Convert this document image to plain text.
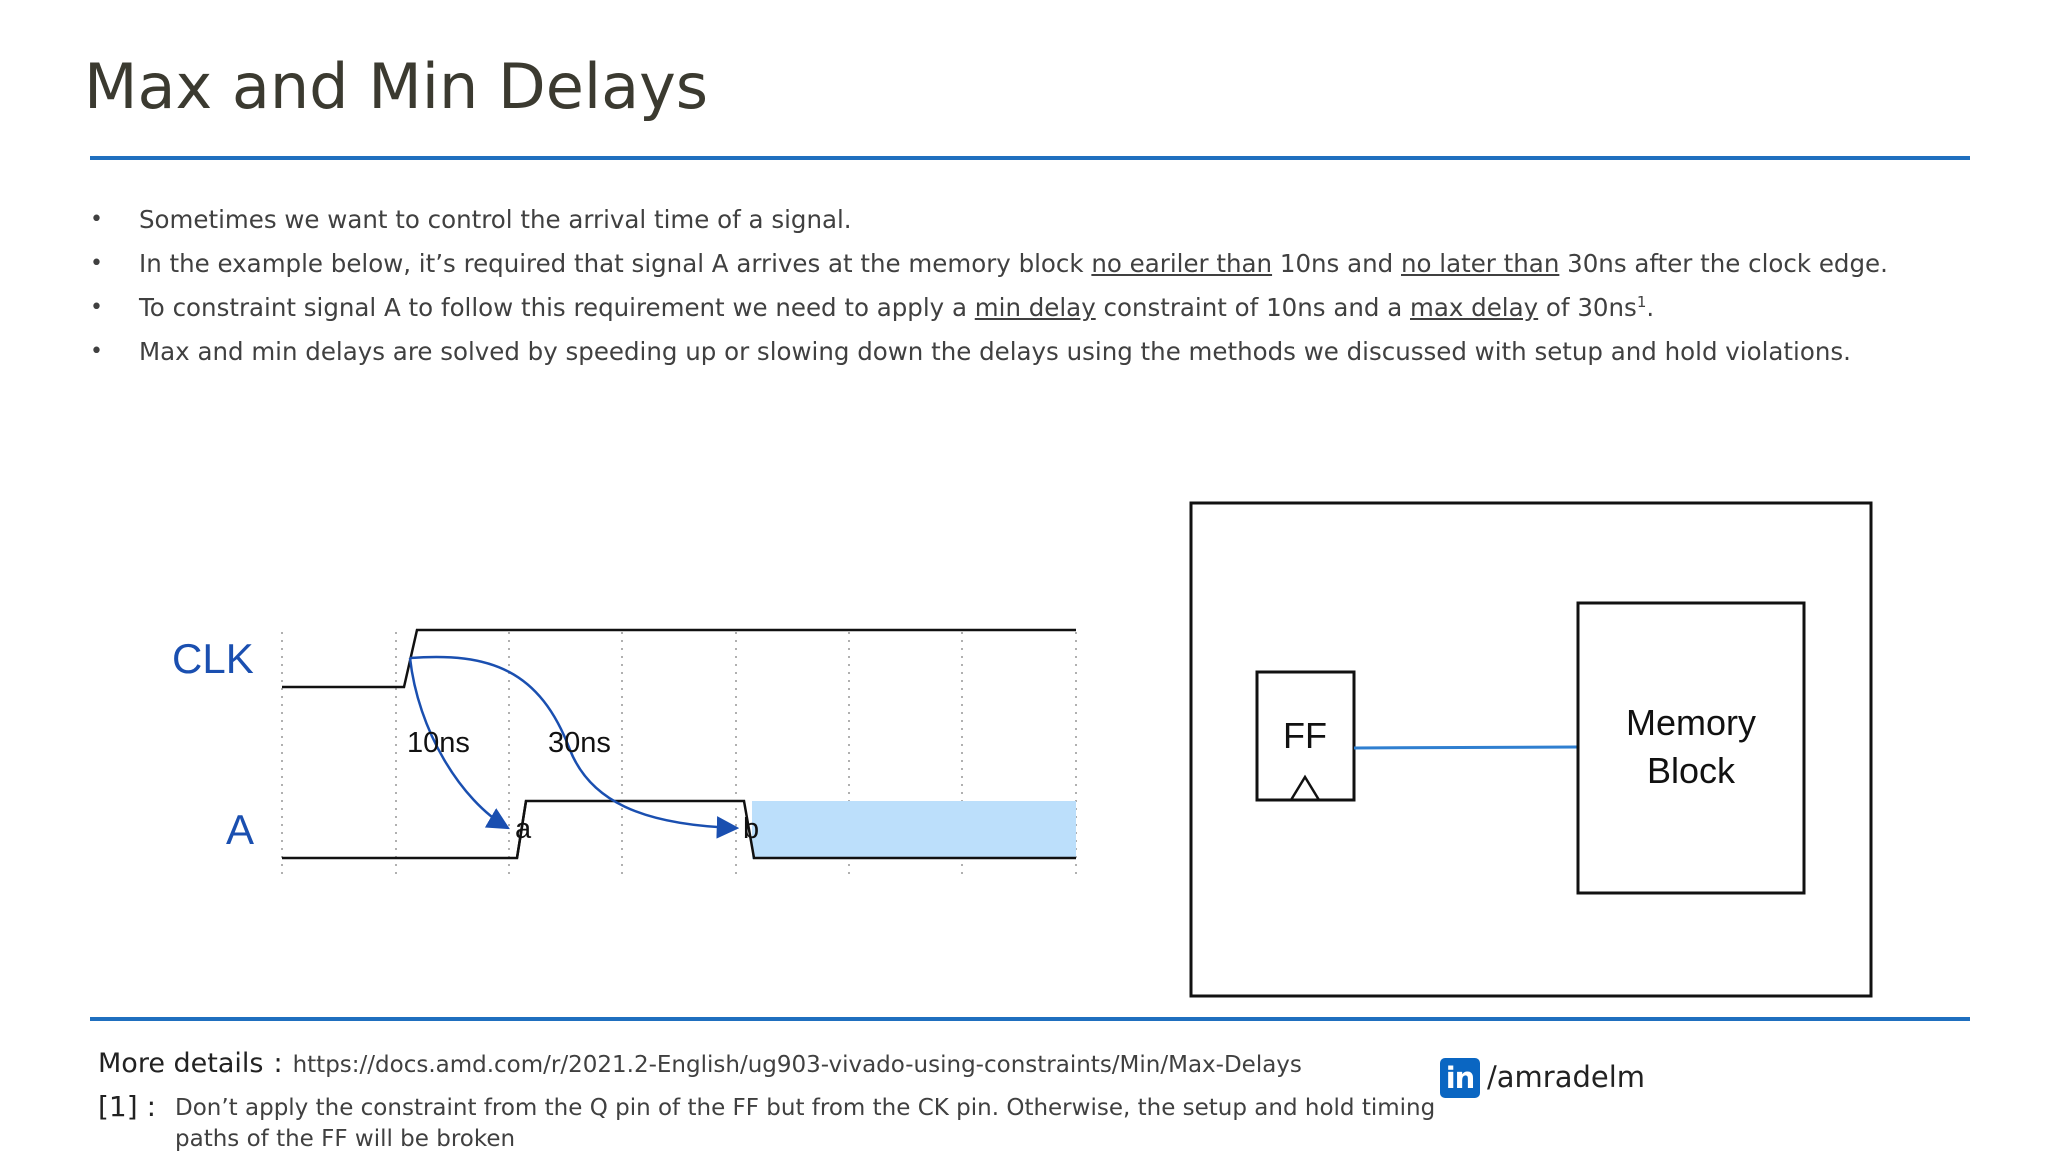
Max and Min Delays
• Sometimes we want to control the arrival time of a signal.
• In the example below, it’s required that signal A arrives at the memory block no eariler than 10ns and no later than 30ns after the clock edge.
• To constraint signal A to follow this requirement we need to apply a min delay constraint of 10ns and a max delay of $30ns^1$.
• Max and min delays are solved by speeding up or slowing down the delays using the methods we discussed with setup and hold violations.
CLK
A
10ns	30ns
a	b
FF	Memory
Block
More details : https://docs.amd.com/r/2021.2-English/ug903-vivado-using-constraints/Min/Max-Delays
[1] : Don’t apply the constraint from the Q pin of the FF but from the CK pin. Otherwise, the setup and hold timing paths of the FF will be broken
in /amradelm
